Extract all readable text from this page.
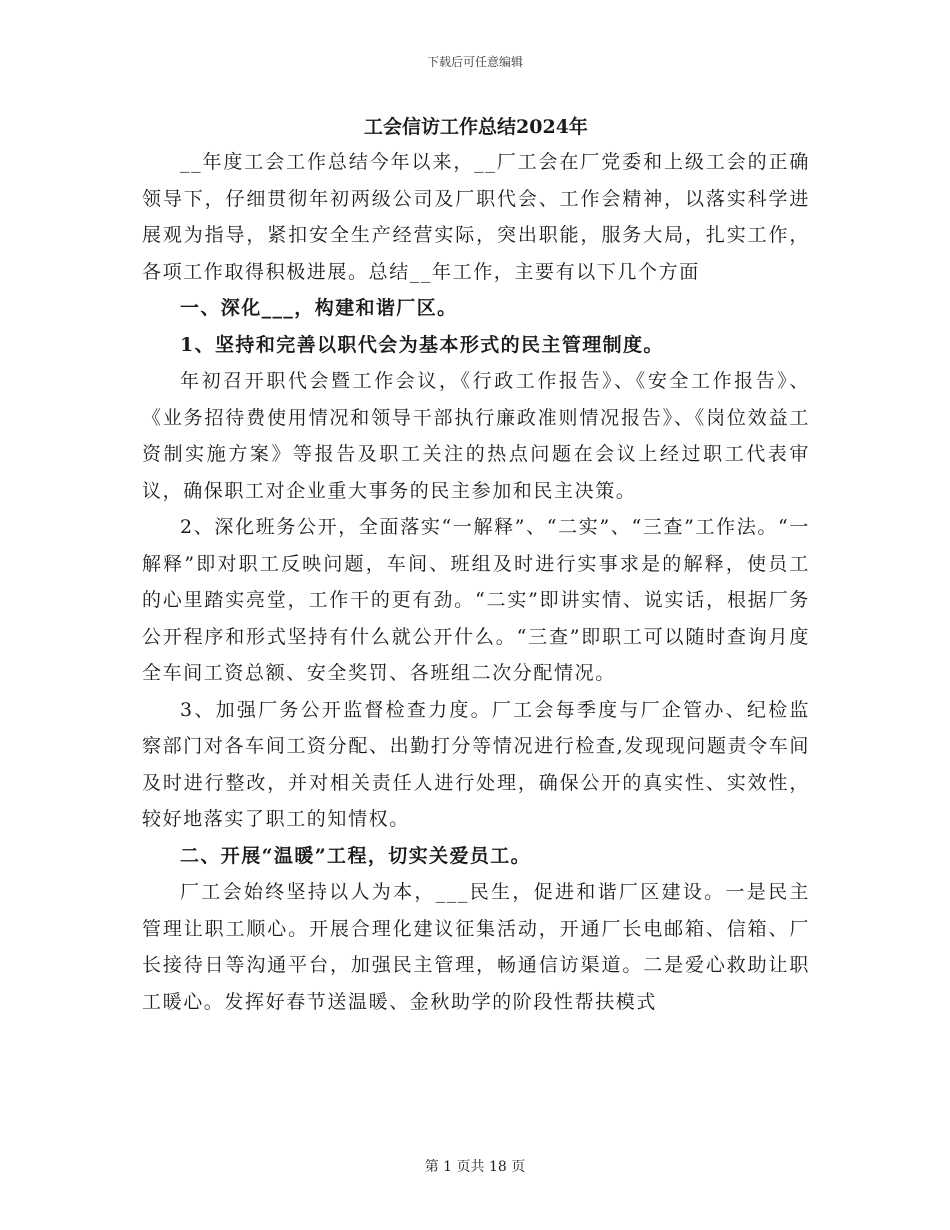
下载后可任意编辑

工会信访工作总结2024年

__年度工会工作总结今年以来，__厂工会在厂党委和上级工会的正确领导下，仔细贯彻年初两级公司及厂职代会、工作会精神，以落实科学进展观为指导，紧扣安全生产经营实际，突出职能，服务大局，扎实工作，各项工作取得积极进展。总结__年工作，主要有以下几个方面

一、深化___，构建和谐厂区。

1、坚持和完善以职代会为基本形式的民主管理制度。

年初召开职代会暨工作会议，《行政工作报告》、《安全工作报告》、《业务招待费使用情况和领导干部执行廉政准则情况报告》、《岗位效益工资制实施方案》等报告及职工关注的热点问题在会议上经过职工代表审议，确保职工对企业重大事务的民主参加和民主决策。

2、深化班务公开，全面落实“一解释”、“二实”、“三查”工作法。“一解释”即对职工反映问题，车间、班组及时进行实事求是的解释，使员工的心里踏实亮堂，工作干的更有劲。“二实”即讲实情、说实话，根据厂务公开程序和形式坚持有什么就公开什么。“三查”即职工可以随时查询月度全车间工资总额、安全奖罚、各班组二次分配情况。

3、加强厂务公开监督检查力度。厂工会每季度与厂企管办、纪检监察部门对各车间工资分配、出勤打分等情况进行检查,发现现问题责令车间及时进行整改，并对相关责任人进行处理，确保公开的真实性、实效性，较好地落实了职工的知情权。

二、开展“温暖”工程，切实关爱员工。

厂工会始终坚持以人为本，___民生，促进和谐厂区建设。一是民主管理让职工顺心。开展合理化建议征集活动，开通厂长电邮箱、信箱、厂长接待日等沟通平台，加强民主管理，畅通信访渠道。二是爱心救助让职工暖心。发挥好春节送温暖、金秋助学的阶段性帮扶模式

第 1 页共 18 页
